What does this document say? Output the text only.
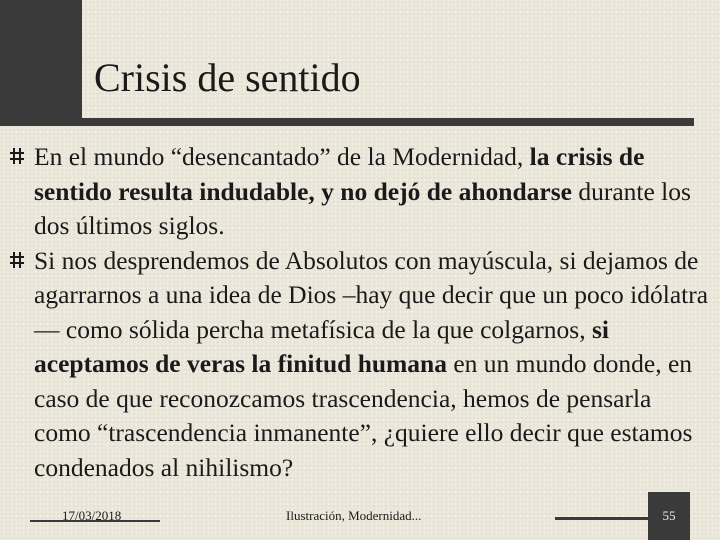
Crisis de sentido
En el mundo “desencantado” de la Modernidad, la crisis de sentido resulta indudable, y no dejó de ahondarse durante los dos últimos siglos.
Si nos desprendemos de Absolutos con mayúscula, si dejamos de agarrarnos a una idea de Dios –hay que decir que un poco idólatra— como sólida percha metafísica de la que colgarnos, si aceptamos de veras la finitud humana en un mundo donde, en caso de que reconozcamos trascendencia, hemos de pensarla como “trascendencia inmanente”, ¿quiere ello decir que estamos condenados al nihilismo?
17/03/2018	Ilustración, Modernidad...	55
